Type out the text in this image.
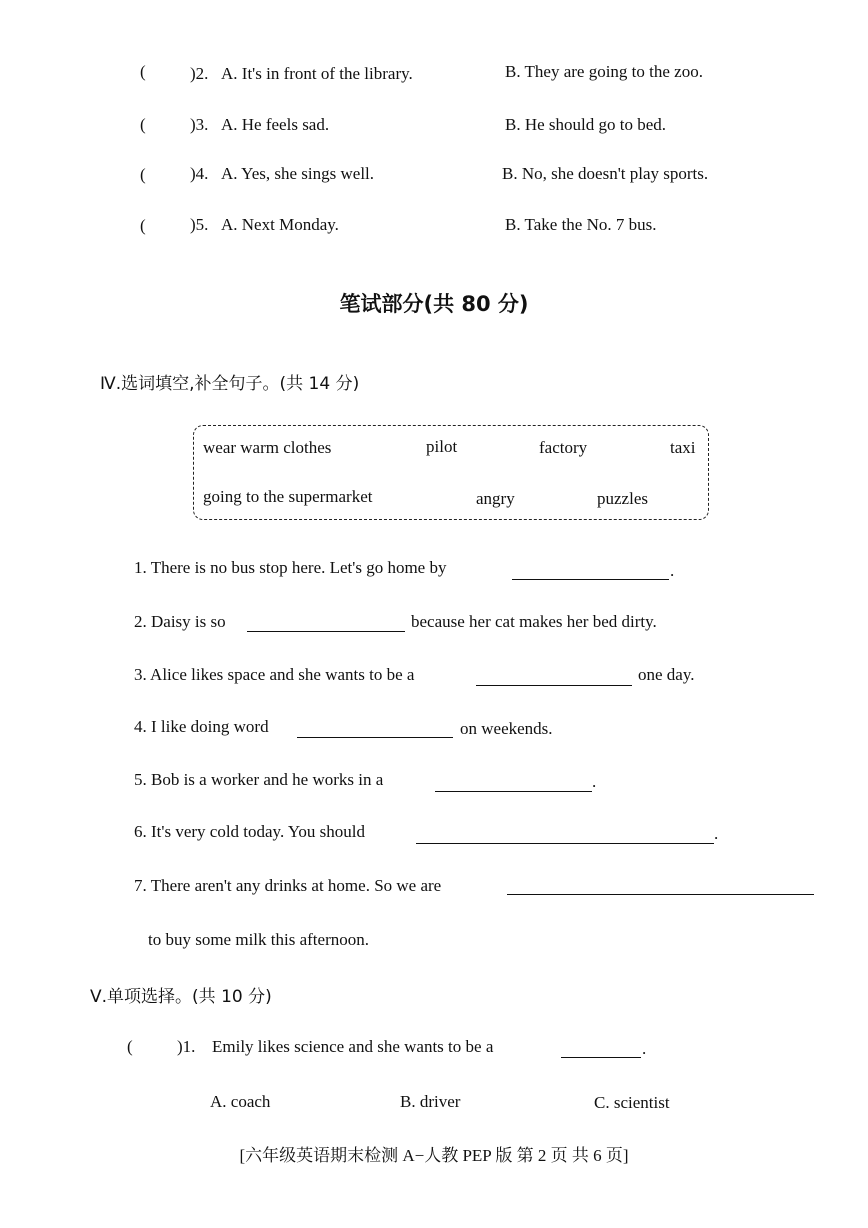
(	)2. A. It's in front of the library.	B. They are going to the zoo.
(	)3. A. He feels sad.	B. He should go to bed.
(	)4. A. Yes, she sings well.	B. No, she doesn't play sports.
(	)5. A. Next Monday.	B. Take the No. 7 bus.
笔试部分(共 80 分)
Ⅳ.选词填空,补全句子。(共 14 分)
wear warm clothes	pilot	factory	taxi
going to the supermarket	angry	puzzles
1. There is no bus stop here. Let's go home by	.
2. Daisy is so	because her cat makes her bed dirty.
3. Alice likes space and she wants to be a	one day.
4. I like doing word	on weekends.
5. Bob is a worker and he works in a	.
6. It's very cold today. You should	.
7. There aren't any drinks at home. So we are
to buy some milk this afternoon.
Ⅴ.单项选择。(共 10 分)
(	)1. Emily likes science and she wants to be a	.
A. coach	B. driver	C. scientist
[六年级英语期末检测 A−人教 PEP 版 第 2 页 共 6 页]
